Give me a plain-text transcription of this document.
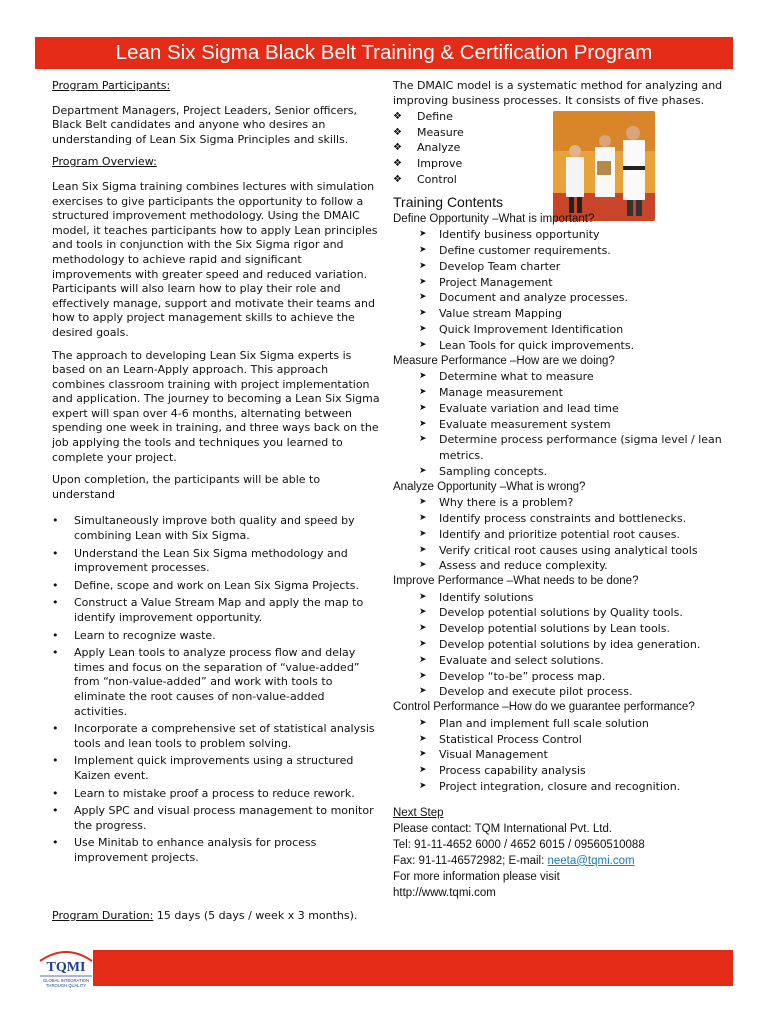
Lean Six Sigma Black Belt Training & Certification Program
Program Participants:

Department Managers, Project Leaders, Senior officers, Black Belt candidates and anyone who desires an understanding of Lean Six Sigma Principles and skills.

Program Overview:

Lean Six Sigma training combines lectures with simulation exercises to give participants the opportunity to follow a structured improvement methodology. Using the DMAIC model, it teaches participants how to apply Lean principles and tools in conjunction with the Six Sigma rigor and methodology to achieve rapid and significant improvements with greater speed and reduced variation. Participants will also learn how to play their role and effectively manage, support and motivate their teams and how to apply project management skills to achieve the desired goals.

The approach to developing Lean Six Sigma experts is based on an Learn-Apply approach. This approach combines classroom training with project implementation and application. The journey to becoming a Lean Six Sigma expert will span over 4-6 months, alternating between spending one week in training, and three ways back on the job applying the tools and techniques you learned to complete your project.

Upon completion, the participants will be able to understand

• Simultaneously improve both quality and speed by combining Lean with Six Sigma.
• Understand the Lean Six Sigma methodology and improvement processes.
• Define, scope and work on Lean Six Sigma Projects.
• Construct a Value Stream Map and apply the map to identify improvement opportunity.
• Learn to recognize waste.
• Apply Lean tools to analyze process flow and delay times and focus on the separation of “value-added” from “non-value-added” and work with tools to eliminate the root causes of non-value-added activities.
• Incorporate a comprehensive set of statistical analysis tools and lean tools to problem solving.
• Implement quick improvements using a structured Kaizen event.
• Learn to mistake proof a process to reduce rework.
• Apply SPC and visual process management to monitor the progress.
• Use Minitab to enhance analysis for process improvement projects.
Program Duration: 15 days (5 days / week x 3 months).

The DMAIC model is a systematic method for analyzing and improving business processes. It consists of five phases.

❖ Define
❖ Measure
❖ Analyze
❖ Improve
❖ Control
Training Contents
Define Opportunity –What is important?
➤ Identify business opportunity
➤ Define customer requirements.
➤ Develop Team charter
➤ Project Management
➤ Document and analyze processes.
➤ Value stream Mapping
➤ Quick Improvement Identification
➤ Lean Tools for quick improvements.
Measure Performance –How are we doing?
➤ Determine what to measure
➤ Manage measurement
➤ Evaluate variation and lead time
➤ Evaluate measurement system
➤ Determine process performance (sigma level / lean metrics.
➤ Sampling concepts.
Analyze Opportunity –What is wrong?
➤ Why there is a problem?
➤ Identify process constraints and bottlenecks.
➤ Identify and prioritize potential root causes.
➤ Verify critical root causes using analytical tools
➤ Assess and reduce complexity.
Improve Performance –What needs to be done?
➤ Identify solutions
➤ Develop potential solutions by Quality tools.
➤ Develop potential solutions by Lean tools.
➤ Develop potential solutions by idea generation.
➤ Evaluate and select solutions.
➤ Develop “to-be” process map.
➤ Develop and execute pilot process.
Control Performance –How do we guarantee performance?
➤ Plan and implement full scale solution
➤ Statistical Process Control
➤ Visual Management
➤ Process capability analysis
➤ Project integration, closure and recognition.
Next Step
Please contact: TQM International Pvt. Ltd.
Tel: 91-11-4652 6000 / 4652 6015 / 09560510088
Fax: 91-11-46572982; E-mail: neeta@tqmi.com
For more information please visit
http://www.tqmi.com
TQMI
GLOBAL INTEGRATION
THROUGH QUALITY
